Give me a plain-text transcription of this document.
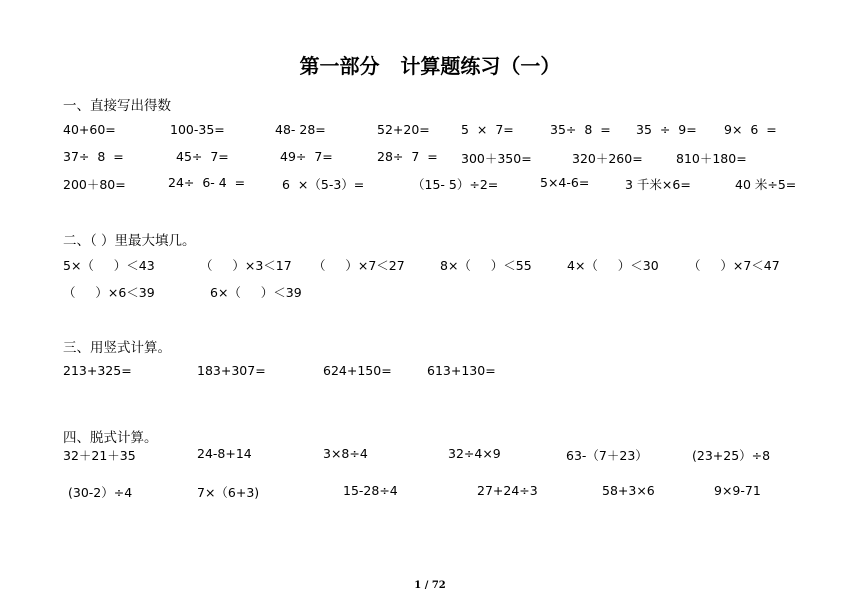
第一部分   计算题练习（一）
一、直接写出得数
40+60=	100-35=	48- 28=	52+20= 5  ×  7=	35÷  8  = 35  ÷  9= 9×  6  =
37÷  8  =	45÷  7=	49÷  7=	28÷  7  = 300＋350=	320＋260=	810＋180=
200＋80=	24÷  6- 4  =	6  ×（5-3）=	（15- 5）÷2=	5×4-6=	3 千米×6=	40 米÷5=
二、（ ）里最大填几。
5×（     ）＜43	（     ）×3＜17 （     ）×7＜27	8×（     ）＜55	4×（     ）＜30 （     ）×7＜47
（     ）×6＜39	6×（     ）＜39
三、用竖式计算。
213+325=	183+307=	624+150=	613+130=
四、脱式计算。
32＋21＋35	24-8+14	3×8÷4	32÷4×9	63-（7＋23）	(23+25）÷8
(30-2）÷4	7×（6+3)	15-28÷4	27+24÷3	58+3×6	9×9-71
1 / 72
